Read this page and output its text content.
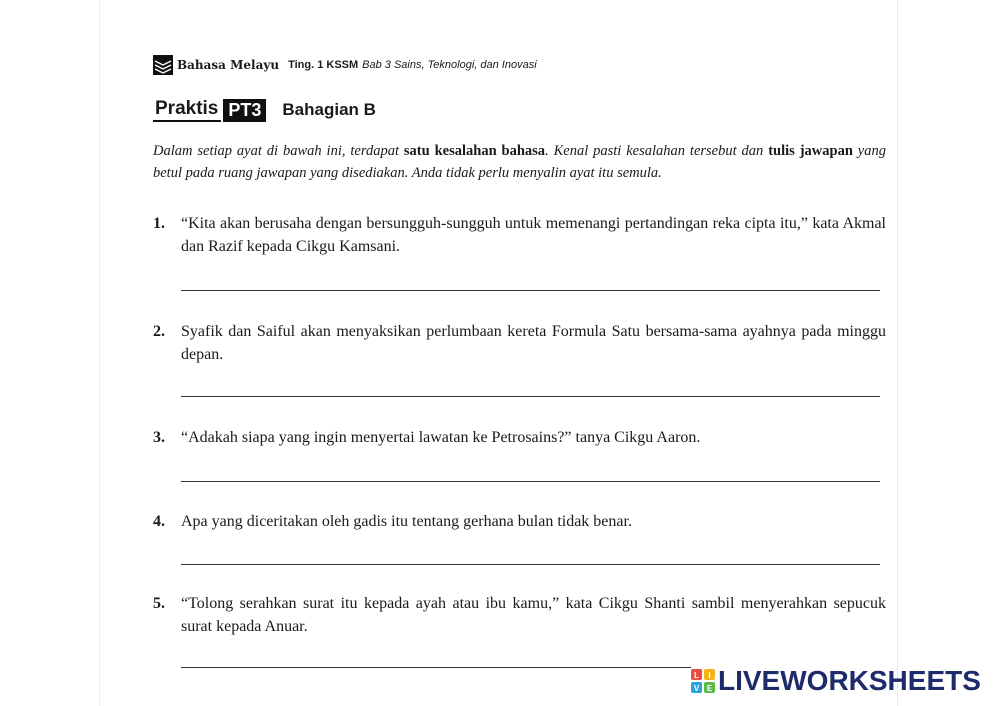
Bahasa Melayu Ting. 1 KSSM Bab 3 Sains, Teknologi, dan Inovasi
Praktis PT3 Bahagian B
Dalam setiap ayat di bawah ini, terdapat satu kesalahan bahasa. Kenal pasti kesalahan tersebut dan tulis jawapan yang betul pada ruang jawapan yang disediakan. Anda tidak perlu menyalin ayat itu semula.
1. “Kita akan berusaha dengan bersungguh-sungguh untuk memenangi pertandingan reka cipta itu,” kata Akmal dan Razif kepada Cikgu Kamsani.
2. Syafik dan Saiful akan menyaksikan perlumbaan kereta Formula Satu bersama-sama ayahnya pada minggu depan.
3. “Adakah siapa yang ingin menyertai lawatan ke Petrosains?” tanya Cikgu Aaron.
4. Apa yang diceritakan oleh gadis itu tentang gerhana bulan tidak benar.
5. “Tolong serahkan surat itu kepada ayah atau ibu kamu,” kata Cikgu Shanti sambil menyerahkan sepucuk surat kepada Anuar.
L I
V E LIVEWORKSHEETS
